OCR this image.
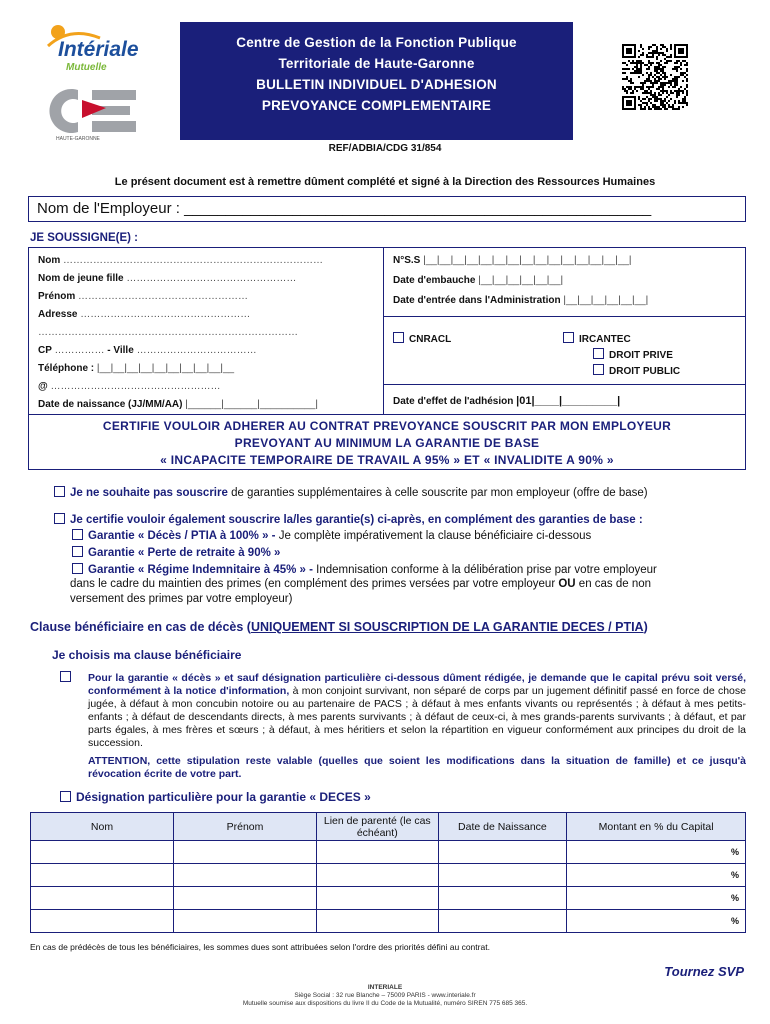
Intériale
Mutuelle
HAUTE-GARONNE
Centre de Gestion de la Fonction Publique
Territoriale de Haute-Garonne
BULLETIN INDIVIDUEL D'ADHESION
PREVOYANCE COMPLEMENTAIRE
REF/ADBIA/CDG 31/854
Le présent document est à remettre dûment complété et signé à la Direction des Ressources Humaines
Nom de l'Employeur : ________________________________________________________
JE SOUSSIGNE(E) :
Nom ……………………………………………………………………
Nom de jeune fille ……………………………………………
Prénom ……………………………………………
Adresse ……………………………………………
……………………………………………………………………
CP …………… - Ville ………………………………
Téléphone : |__|__|__|__|__|__|__|__|__|__
@ ……………………………………………
Date de naissance (JJ/MM/AA) |______|______|__________|
N°S.S |__|__|__|__|__|__|__|__|__|__|__|__|__|__|__|
Date d'embauche |__|__|__|__|__|__|
Date d'entrée dans l'Administration |__|__|__|__|__|__|
CNRACL	IRCANTEC
DROIT PRIVE
DROIT PUBLIC
Date d'effet de l'adhésion |01|____|_________|
CERTIFIE VOULOIR ADHERER AU CONTRAT PREVOYANCE SOUSCRIT PAR MON EMPLOYEUR
PREVOYANT AU MINIMUM LA GARANTIE DE BASE
« INCAPACITE TEMPORAIRE DE TRAVAIL A 95% » ET « INVALIDITE A 90% »
Je ne souhaite pas souscrire de garanties supplémentaires à celle souscrite par mon employeur (offre de base)
Je certifie vouloir également souscrire la/les garantie(s) ci-après, en complément des garanties de base :
Garantie « Décès / PTIA à 100% » - Je complète impérativement la clause bénéficiaire ci-dessous
Garantie « Perte de retraite à 90% »
Garantie « Régime Indemnitaire à 45% » - Indemnisation conforme à la délibération prise par votre employeur
dans le cadre du maintien des primes (en complément des primes versées par votre employeur OU en cas de non
versement des primes par votre employeur)
Clause bénéficiaire en cas de décès (UNIQUEMENT SI SOUSCRIPTION DE LA GARANTIE DECES / PTIA)
Je choisis ma clause bénéficiaire
Pour la garantie « décès » et sauf désignation particulière ci-dessous dûment rédigée, je demande que le capital prévu soit versé, conformément à la notice d'information, à mon conjoint survivant, non séparé de corps par un jugement définitif passé en force de chose jugée, à défaut à mon concubin notoire ou au partenaire de PACS ; à défaut à mes enfants vivants ou représentés ; à défaut à mes petits-enfants ; à défaut de descendants directs, à mes parents survivants ; à défaut de ceux-ci, à mes grands-parents survivants ; à défaut, et par parts égales, à mes frères et sœurs ; à défaut, à mes héritiers et selon la répartition en vigueur conformément aux principes du droit de la succession.
ATTENTION, cette stipulation reste valable (quelles que soient les modifications dans la situation de famille) et ce jusqu'à révocation écrite de votre part.
Désignation particulière pour la garantie « DECES »
Nom	Prénom	Lien de parenté (le cas échéant)	Date de Naissance	Montant en % du Capital
				%
				%
				%
				%
En cas de prédécès de tous les bénéficiaires, les sommes dues sont attribuées selon l'ordre des priorités défini au contrat.
Tournez SVP
INTERIALE
Siège Social : 32 rue Blanche – 75009 PARIS - www.interiale.fr
Mutuelle soumise aux dispositions du livre II du Code de la Mutualité, numéro SIREN 775 685 365.
